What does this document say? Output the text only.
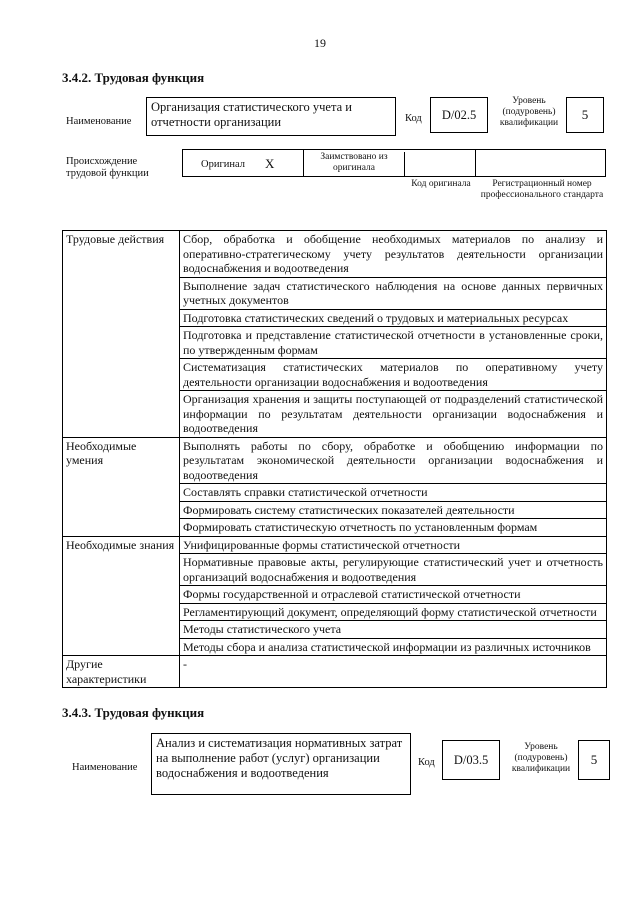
19
3.4.2. Трудовая функция
Наименование
Организация статистического учета и отчетности организации	Код D/02.5
Уровень (подуровень) квалификации
5
Происхождение трудовой функции
Оригинал X	Заимствовано из оригинала
Код оригинала	Регистрационный номер профессионального стандарта
Трудовые действия	Сбор, обработка и обобщение необходимых материалов по анализу и оперативно-стратегическому учету результатов деятельности организации водоснабжения и водоотведения
	Выполнение задач статистического наблюдения на основе данных первичных учетных документов
	Подготовка статистических сведений о трудовых и материальных ресурсах
	Подготовка и представление статистической отчетности в установленные сроки, по утвержденным формам
	Систематизация статистических материалов по оперативному учету деятельности организации водоснабжения и водоотведения
	Организация хранения и защиты поступающей от подразделений статистической информации по результатам деятельности организации водоснабжения и водоотведения
Необходимые умения	Выполнять работы по сбору, обработке и обобщению информации по результатам экономической деятельности организации водоснабжения и водоотведения
	Составлять справки статистической отчетности
	Формировать систему статистических показателей деятельности
	Формировать статистическую отчетность по установленным формам
Необходимые знания	Унифицированные формы статистической отчетности
	Нормативные правовые акты, регулирующие статистический учет и отчетность организаций водоснабжения и водоотведения
	Формы государственной и отраслевой статистической отчетности
	Регламентирующий документ, определяющий форму статистической отчетности
	Методы статистического учета
	Методы сбора и анализа статистической информации из различных источников
Другие характеристики	-
3.4.3. Трудовая функция
Наименование
Анализ и систематизация нормативных затрат на выполнение работ (услуг) организации водоснабжения и водоотведения
Код D/03.5
Уровень (подуровень) квалификации
5
